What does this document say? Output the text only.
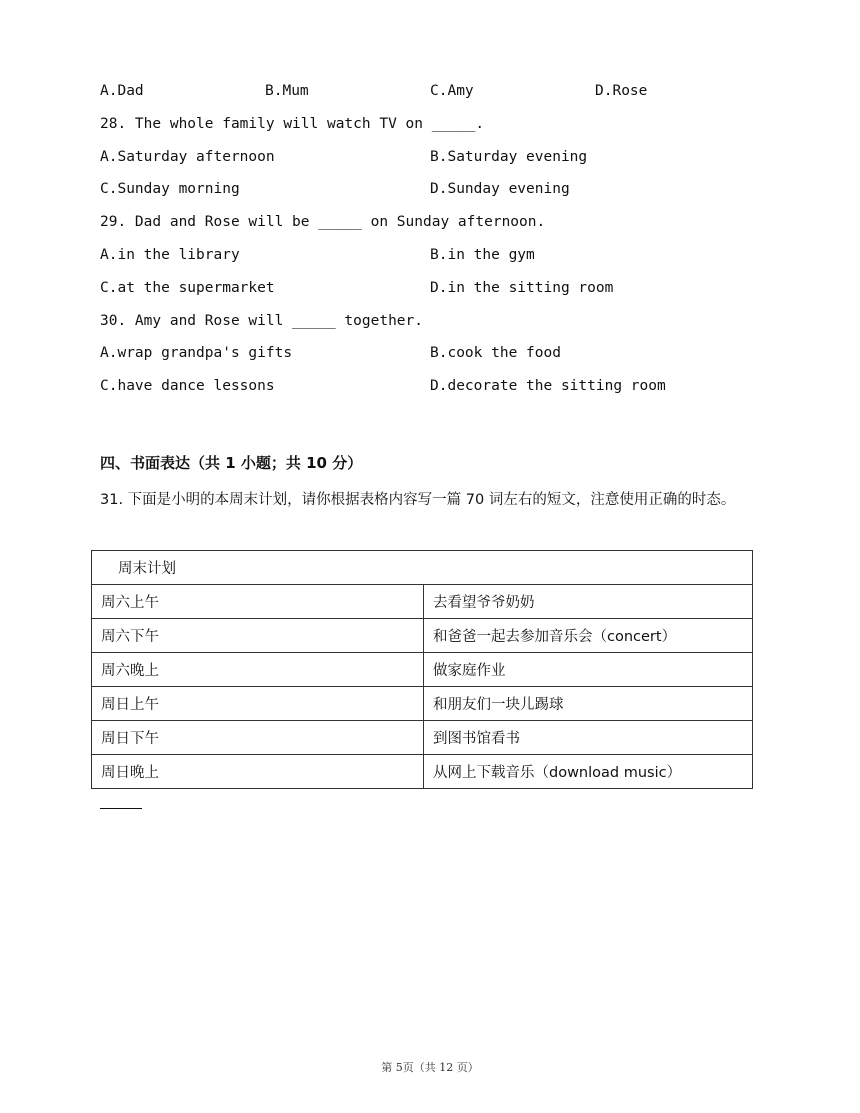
A.Dad	B.Mum	C.Amy	D.Rose
28. The whole family will watch TV on _____.
A.Saturday afternoon	B.Saturday evening
C.Sunday morning	D.Sunday evening
29. Dad and Rose will be _____ on Sunday afternoon.
A.in the library	B.in the gym
C.at the supermarket	D.in the sitting room
30. Amy and Rose will _____ together.
A.wrap grandpa's gifts	B.cook the food
C.have dance lessons	D.decorate the sitting room
四、书面表达（共 1 小题；共 10 分）
31. 下面是小明的本周末计划，请你根据表格内容写一篇 70 词左右的短文，注意使用正确的时态。
周末计划	
周六上午	去看望爷爷奶奶
周六下午	和爸爸一起去参加音乐会（concert）
周六晚上	做家庭作业
周日上午	和朋友们一块儿踢球
周日下午	到图书馆看书
周日晚上	从网上下载音乐（download music）
第 5页（共 12 页）
